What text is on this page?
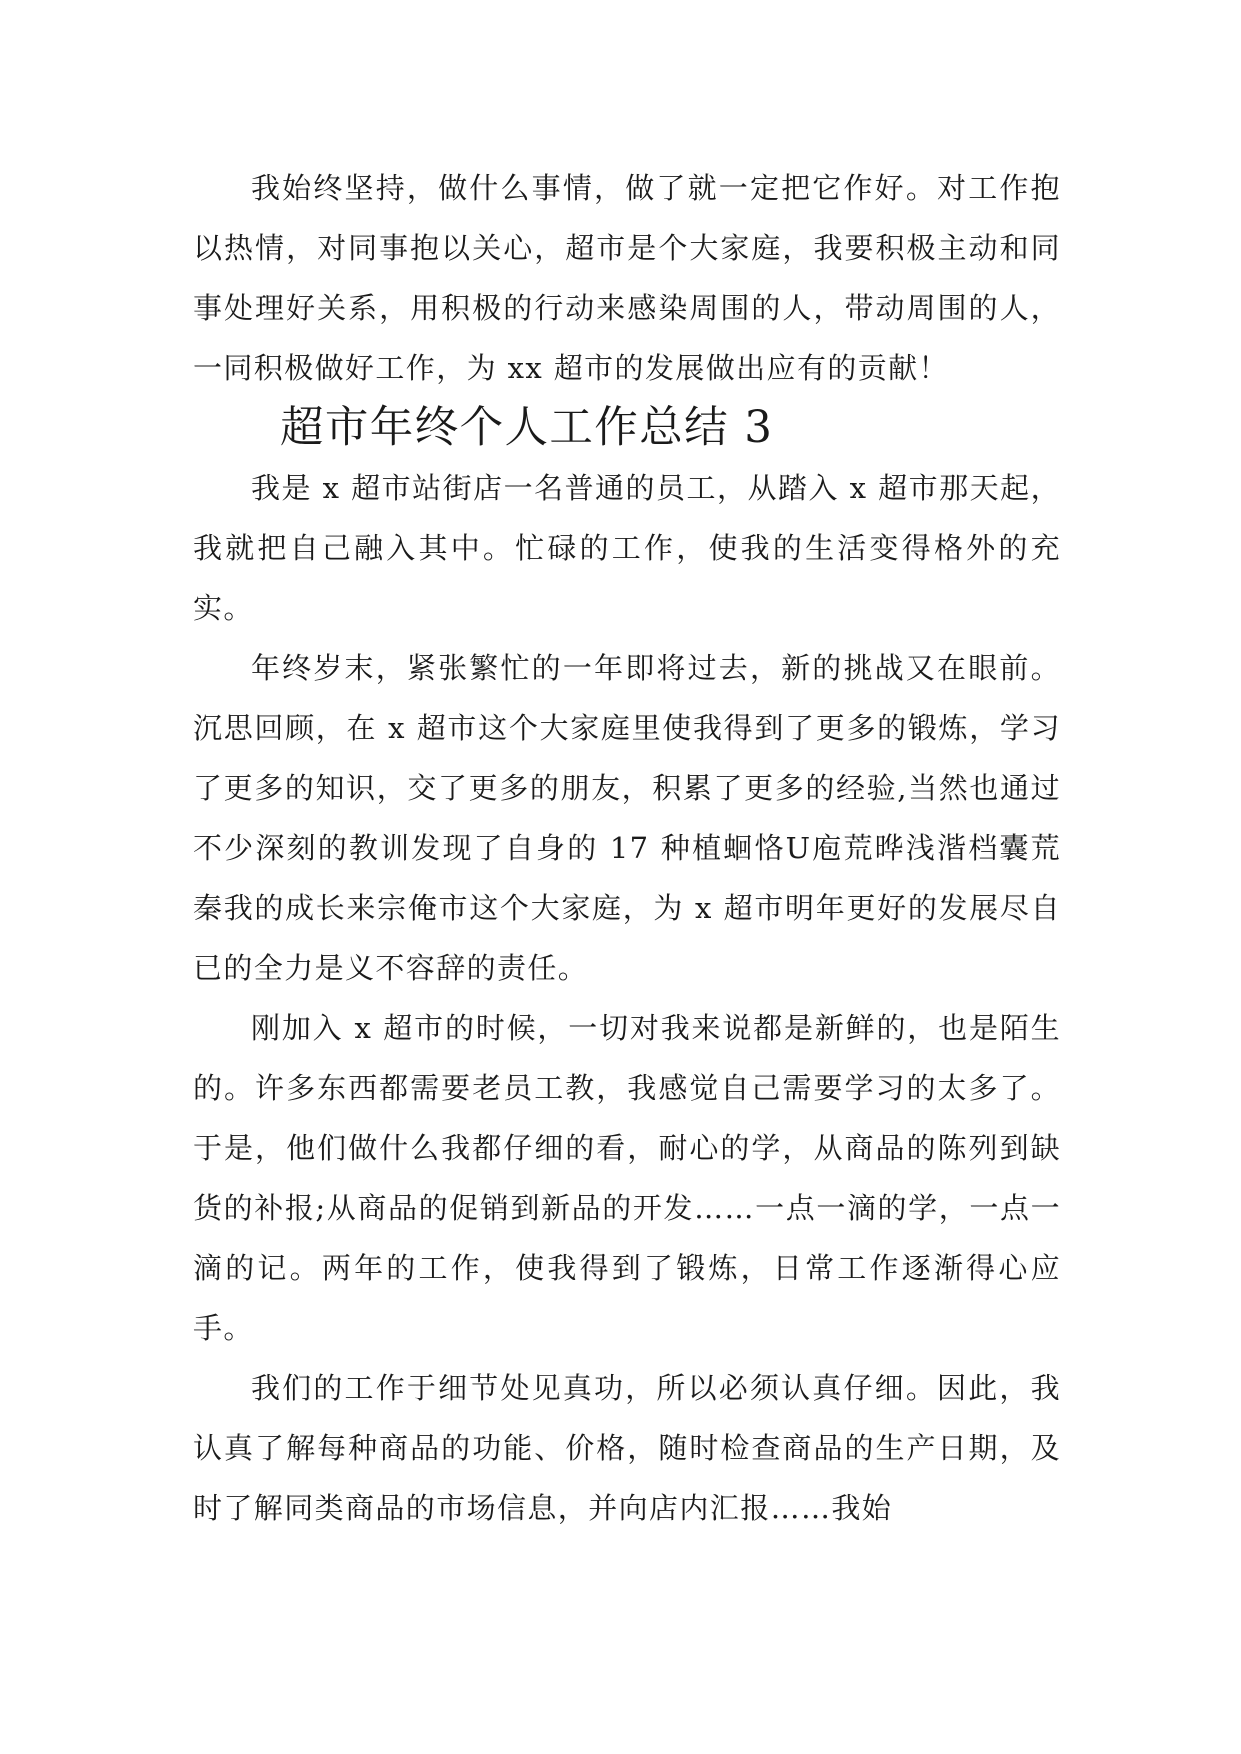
我始终坚持，做什么事情，做了就一定把它作好。对工作抱以热情，对同事抱以关心，超市是个大家庭，我要积极主动和同事处理好关系，用积极的行动来感染周围的人，带动周围的人，一同积极做好工作，为 xx 超市的发展做出应有的贡献！

超市年终个人工作总结 3

我是 x 超市站街店一名普通的员工，从踏入 x 超市那天起，我就把自己融入其中。忙碌的工作，使我的生活变得格外的充实。

年终岁末，紧张繁忙的一年即将过去，新的挑战又在眼前。沉思回顾，在 x 超市这个大家庭里使我得到了更多的锻炼，学习了更多的知识，交了更多的朋友，积累了更多的经验,当然也通过不少深刻的教训发现了自身的 17 种植蛔恪U庖荒晔浅湝档囊荒秦我的成长来宗俺市这个大家庭，为 x 超市明年更好的发展尽自已的全力是义不容辞的责任。

刚加入 x 超市的时候，一切对我来说都是新鲜的，也是陌生的。许多东西都需要老员工教，我感觉自己需要学习的太多了。于是，他们做什么我都仔细的看，耐心的学，从商品的陈列到缺货的补报;从商品的促销到新品的开发……一点一滴的学，一点一滴的记。两年的工作，使我得到了锻炼，日常工作逐渐得心应手。

我们的工作于细节处见真功，所以必须认真仔细。因此，我认真了解每种商品的功能、价格，随时检查商品的生产日期，及时了解同类商品的市场信息，并向店内汇报……我始
